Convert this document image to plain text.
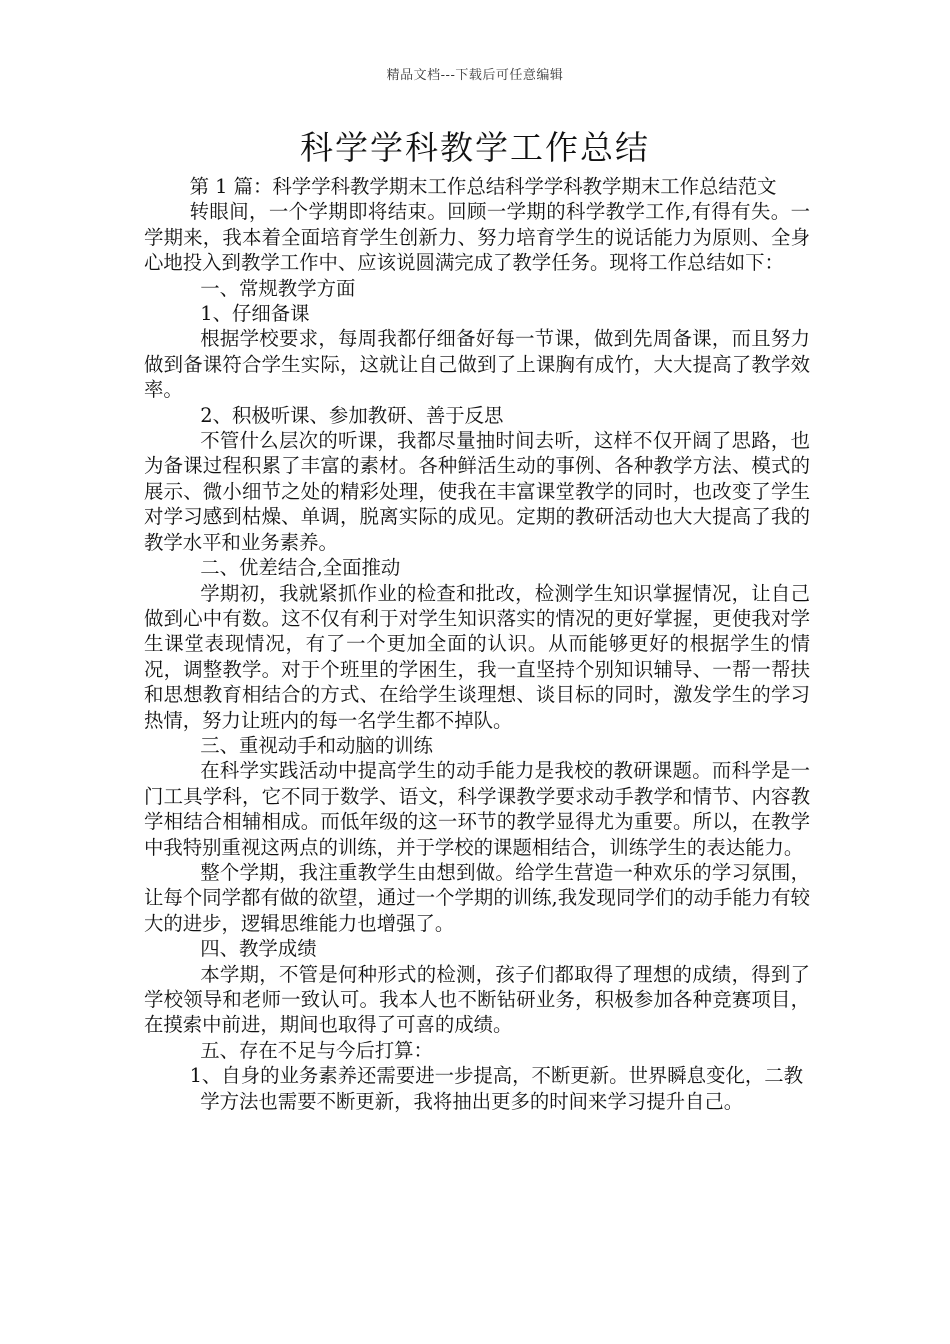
精品文档---下载后可任意编辑
科学学科教学工作总结

第 1 篇：科学学科教学期末工作总结科学学科教学期末工作总结范文

转眼间，一个学期即将结束。回顾一学期的科学教学工作,有得有失。一学期来，我本着全面培育学生创新力、努力培育学生的说话能力为原则、全身心地投入到教学工作中、应该说圆满完成了教学任务。现将工作总结如下：

一、常规教学方面

1、仔细备课

根据学校要求，每周我都仔细备好每一节课，做到先周备课，而且努力做到备课符合学生实际，这就让自己做到了上课胸有成竹，大大提高了教学效率。

2、积极听课、参加教研、善于反思

不管什么层次的听课，我都尽量抽时间去听，这样不仅开阔了思路，也为备课过程积累了丰富的素材。各种鲜活生动的事例、各种教学方法、模式的展示、微小细节之处的精彩处理，使我在丰富课堂教学的同时，也改变了学生对学习感到枯燥、单调，脱离实际的成见。定期的教研活动也大大提高了我的教学水平和业务素养。

二、优差结合,全面推动

学期初，我就紧抓作业的检查和批改，检测学生知识掌握情况，让自己做到心中有数。这不仅有利于对学生知识落实的情况的更好掌握，更使我对学生课堂表现情况，有了一个更加全面的认识。从而能够更好的根据学生的情况，调整教学。对于个班里的学困生，我一直坚持个别知识辅导、一帮一帮扶和思想教育相结合的方式、在给学生谈理想、谈目标的同时，激发学生的学习热情，努力让班内的每一名学生都不掉队。

三、重视动手和动脑的训练

在科学实践活动中提高学生的动手能力是我校的教研课题。而科学是一门工具学科，它不同于数学、语文，科学课教学要求动手教学和情节、内容教学相结合相辅相成。而低年级的这一环节的教学显得尤为重要。所以，在教学中我特别重视这两点的训练，并于学校的课题相结合，训练学生的表达能力。

整个学期，我注重教学生由想到做。给学生营造一种欢乐的学习氛围，让每个同学都有做的欲望，通过一个学期的训练,我发现同学们的动手能力有较大的进步，逻辑思维能力也增强了。

四、教学成绩

本学期，不管是何种形式的检测，孩子们都取得了理想的成绩，得到了学校领导和老师一致认可。我本人也不断钻研业务，积极参加各种竞赛项目，在摸索中前进，期间也取得了可喜的成绩。

五、存在不足与今后打算：

1、自身的业务素养还需要进一步提高，不断更新。世界瞬息变化，二教

学方法也需要不断更新，我将抽出更多的时间来学习提升自己。
